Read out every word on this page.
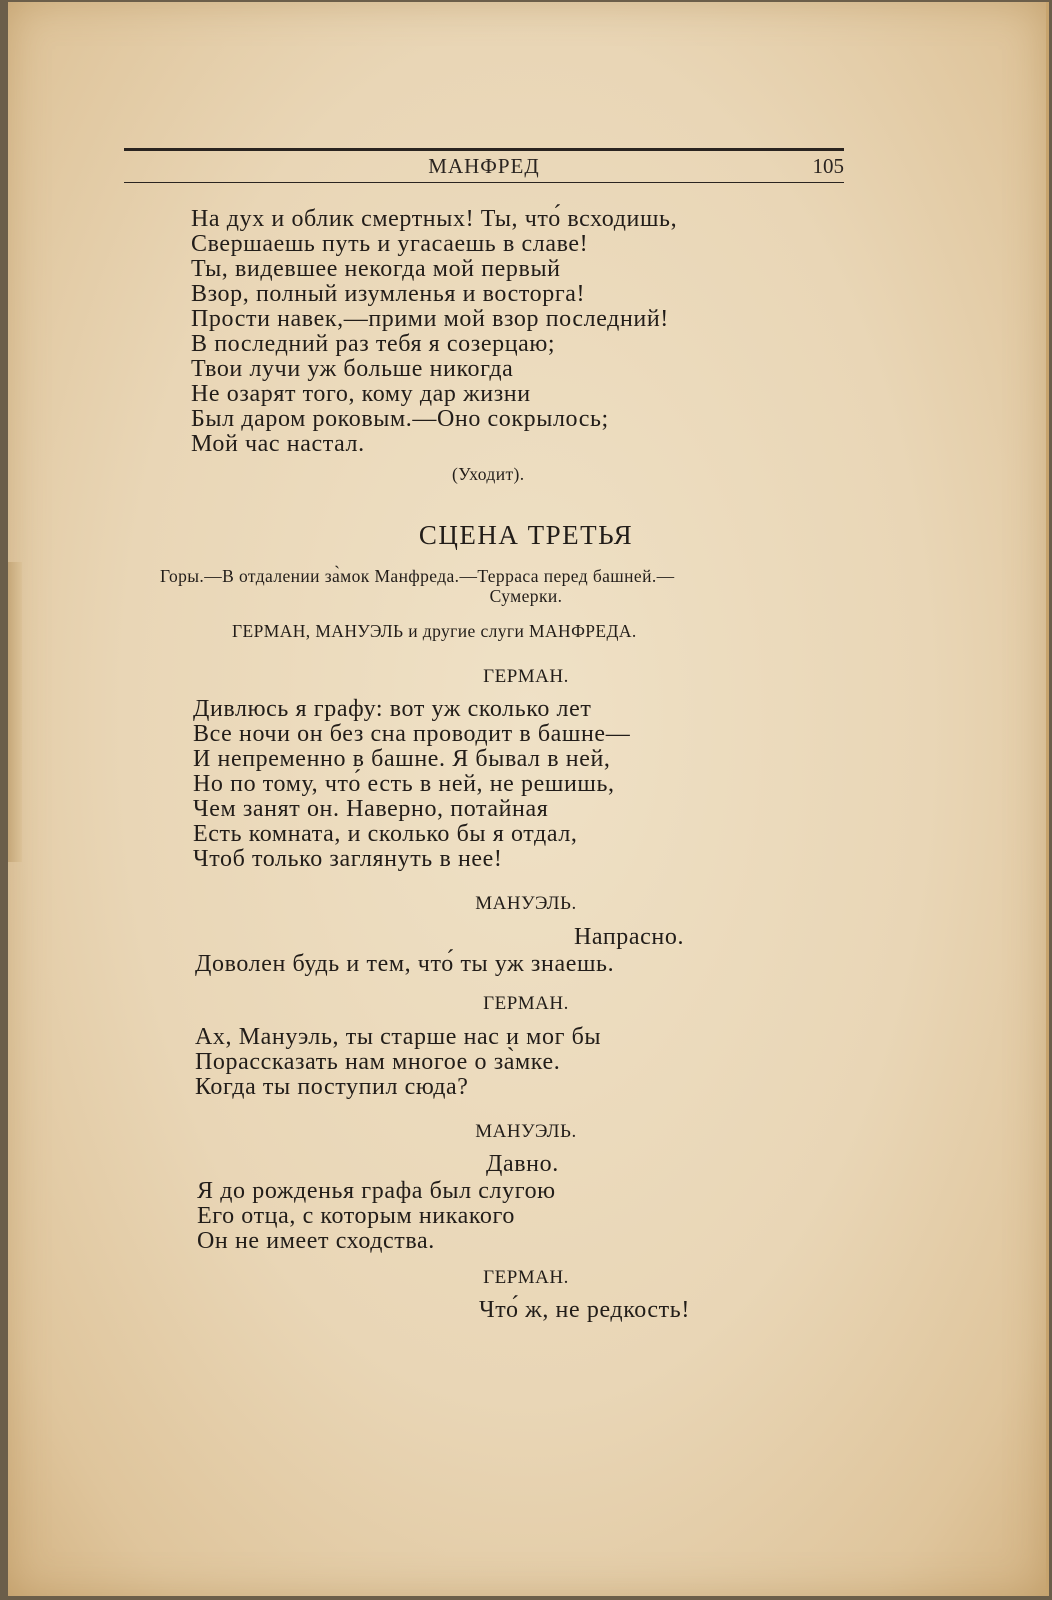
МАНФРЕД	105
На дух и облик смертных! Ты, что́ всходишь,
Свершаешь путь и угасаешь в славе!
Ты, видевшее некогда мой первый
Взор, полный изумленья и восторга!
Прости навек,—прими мой взор последний!
В последний раз тебя я созерцаю;
Твои лучи уж больше никогда
Не озарят того, кому дар жизни
Был даром роковым.—Оно сокрылось;
Мой час настал.
(Уходит).
СЦЕНА ТРЕТЬЯ
Горы.—В отдалении за̀мок Манфреда.—Терраса перед башней.—
Сумерки.
ГЕРМАН, МАНУЭЛЬ и другие слуги МАНФРЕДА.
ГЕРМАН.
Дивлюсь я графу: вот уж сколько лет
Все ночи он без сна проводит в башне—
И непременно в башне. Я бывал в ней,
Но по тому, что́ есть в ней, не решишь,
Чем занят он. Наверно, потайная
Есть комната, и сколько бы я отдал,
Чтоб только заглянуть в нее!
МАНУЭЛЬ.
Напрасно.
Доволен будь и тем, что́ ты уж знаешь.
ГЕРМАН.
Ах, Мануэль, ты старше нас и мог бы
Порассказать нам многое о за̀мке.
Когда ты поступил сюда?
МАНУЭЛЬ.
Давно.
Я до рожденья графа был слугою
Его отца, с которым никакого
Он не имеет сходства.
ГЕРМАН.
Что́ ж, не редкость!
